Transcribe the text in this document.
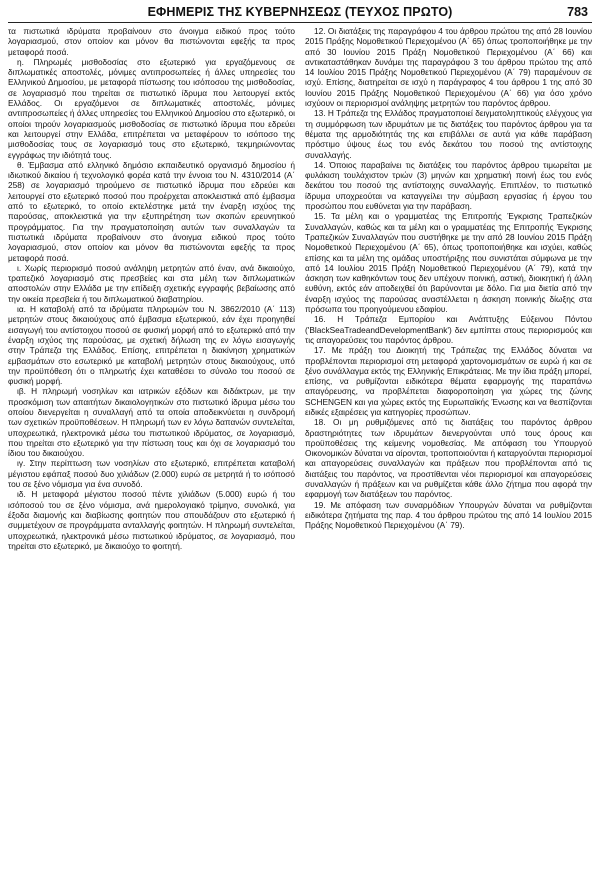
ΕΦΗΜΕΡΙΣ ΤΗΣ ΚΥΒΕΡΝΗΣΕΩΣ (ΤΕΥΧΟΣ ΠΡΩΤΟ)	783

τα πιστωτικά ιδρύματα προβαίνουν στο άνοιγμα ειδικού προς τούτο λογαριασμού, στον οποίον και μόνον θα πιστώνονται εφεξής τα προς μεταφορά ποσά.

η. Πληρωμές μισθοδοσίας στο εξωτερικό για εργαζόμενους σε διπλωματικές αποστολές, μόνιμες αντιπροσωπείες ή άλλες υπηρεσίες του Ελληνικού Δημοσίου, με μεταφορά πίστωσης του ισόποσου της μισθοδοσίας, σε λογαριασμό που τηρείται σε πιστωτικό ίδρυμα που λειτουργεί εκτός Ελλάδος. Οι εργαζόμενοι σε διπλωματικές αποστολές, μόνιμες αντιπροσωπείες ή άλλες υπηρεσίες του Ελληνικού Δημοσίου στο εξωτερικό, οι οποίοι τηρούν λογαριασμούς μισθοδοσίας σε πιστωτικό ίδρυμα που εδρεύει και λειτουργεί στην Ελλάδα, επιτρέπεται να μεταφέρουν το ισόποσο της μισθοδοσίας τους σε λογαριασμό τους στο εξωτερικό, τεκμηριώνοντας εγγράφως την ιδιότητά τους.

θ. Έμβασμα από ελληνικό δημόσιο εκπαιδευτικό οργανισμό δημοσίου ή ιδιωτικού δικαίου ή τεχνολογικό φορέα κατά την έννοια του Ν. 4310/2014 (Α΄ 258) σε λογαριασμό τηρούμενο σε πιστωτικό ίδρυμα που εδρεύει και λειτουργεί στο εξωτερικό ποσού που προέρχεται αποκλειστικά από έμβασμα από το εξωτερικό, το οποίο εκτελέστηκε μετά την έναρξη ισχύος της παρούσας, αποκλειστικά για την εξυπηρέτηση των σκοπών ερευνητικού προγράμματος. Για την πραγματοποίηση αυτών των συναλλαγών τα πιστωτικά ιδρύματα προβαίνουν στο άνοιγμα ειδικού προς τούτο λογαριασμού, στον οποίον και μόνον θα πιστώνονται εφεξής τα προς μεταφορά ποσά.

ι. Χωρίς περιορισμό ποσού ανάληψη μετρητών από έναν, ανά δικαιούχο, τραπεζικό λογαριασμό στις πρεσβείες και στα μέλη των διπλωματικών αποστολών στην Ελλάδα με την επίδειξη σχετικής εγγραφής βεβαίωσης από την οικεία πρεσβεία ή του διπλωματικού διαβατηρίου.

ια. Η καταβολή από τα ιδρύματα πληρωμών του Ν. 3862/2010 (Α΄ 113) μετρητών στους δικαιούχους από έμβασμα εξωτερικού, εάν έχει προηγηθεί εισαγωγή του αντίστοιχου ποσού σε φυσική μορφή από το εξωτερικό από την έναρξη ισχύος της παρούσας, με σχετική δήλωση της εν λόγω εισαγωγής στην Τράπεζα της Ελλάδος. Επίσης, επιτρέπεται η διακίνηση χρηματικών εμβασμάτων στο εσωτερικό με καταβολή μετρητών στους δικαιούχους, υπό την προϋπόθεση ότι ο πληρωτής έχει καταθέσει το σύνολο του ποσού σε φυσική μορφή.

ιβ. Η πληρωμή νοσηλίων και ιατρικών εξόδων και διδάκτρων, με την προσκόμιση των απαιτήτων δικαιολογητικών στο πιστωτικό ίδρυμα μέσω του οποίου διενεργείται η συναλλαγή από τα οποία αποδεικνύεται η συνδρομή των σχετικών προϋποθέσεων. Η πληρωμή των εν λόγω δαπανών συντελείται, υποχρεωτικά, ηλεκτρονικά μέσω του πιστωτικού ιδρύματος, σε λογαριασμό, που τηρείται στο εξωτερικό για την πίστωση τους και όχι σε λογαριασμό του ίδιου του δικαιούχου.

ιγ. Στην περίπτωση των νοσηλίων στο εξωτερικό, επιτρέπεται καταβολή μέγιστου εφάπαξ ποσού δυο χιλιάδων (2.000) ευρώ σε μετρητά ή το ισόποσό του σε ξένο νόμισμα για ένα συνοδό.

ιδ. Η μεταφορά μέγιστου ποσού πέντε χιλιάδων (5.000) ευρώ ή του ισόποσού του σε ξένο νόμισμα, ανά ημερολογιακό τρίμηνο, συνολικά, για έξοδα διαμονής και διαβίωσης φοιτητών που σπουδάζουν στο εξωτερικό ή συμμετέχουν σε προγράμματα ανταλλαγής φοιτητών. Η πληρωμή συντελείται, υποχρεωτικά, ηλεκτρονικά μέσω πιστωτικού ιδρύματος, σε λογαριασμό, που τηρείται στο εξωτερικό, με δικαιούχο το φοιτητή.

12. Οι διατάξεις της παραγράφου 4 του άρθρου πρώτου της από 28 Ιουνίου 2015 Πράξης Νομοθετικού Περιεχομένου (Α΄ 65) όπως τροποποιήθηκε με την από 30 Ιουνίου 2015 Πράξη Νομοθετικού Περιεχομένου (Α΄ 66) και αντικαταστάθηκαν δυνάμει της παραγράφου 3 του άρθρου πρώτου της από 14 Ιουλίου 2015 Πράξης Νομοθετικού Περιεχομένου (Α΄ 79) παραμένουν σε ισχύ. Επίσης, διατηρείται σε ισχύ η παράγραφος 4 του άρθρου 1 της από 30 Ιουνίου 2015 Πράξης Νομοθετικού Περιεχομένου (Α΄ 66) για όσο χρόνο ισχύουν οι περιορισμοί ανάληψης μετρητών του παρόντος άρθρου.

13. Η Τράπεζα της Ελλάδος πραγματοποιεί δειγματοληπτικούς ελέγχους για τη συμμόρφωση των ιδρυμάτων με τις διατάξεις του παρόντος άρθρου για τα θέματα της αρμοδιότητάς της και επιβάλλει σε αυτά για κάθε παράβαση πρόστιμο ύψους έως του ενός δεκάτου του ποσού της αντίστοιχης συναλλαγής.

14. Όποιος παραβαίνει τις διατάξεις του παρόντος άρθρου τιμωρείται με φυλάκιση τουλάχιστον τριών (3) μηνών και χρηματική ποινή έως του ενός δεκάτου του ποσού της αντίστοιχης συναλλαγής. Επιπλέον, το πιστωτικό ίδρυμα υποχρεούται να καταγγείλει την σύμβαση εργασίας ή έργου του προσώπου που ευθύνεται για την παράβαση.

15. Τα μέλη και ο γραμματέας της Επιτροπής Έγκρισης Τραπεζικών Συναλλαγών, καθώς και τα μέλη και ο γραμματέας της Επιτροπής Έγκρισης Τραπεζικών Συναλλαγών που συστήθηκε με την από 28 Ιουνίου 2015 Πράξη Νομοθετικού Περιεχομένου (Α΄ 65), όπως τροποποιήθηκε και ισχύει, καθώς επίσης και τα μέλη της ομάδας υποστήριξης που συνιστάται σύμφωνα με την από 14 Ιουλίου 2015 Πράξη Νομοθετικού Περιεχομένου (Α΄ 79), κατά την άσκηση των καθηκόντων τους δεν υπέχουν ποινική, αστική, διοικητική ή άλλη ευθύνη, εκτός εάν αποδειχθεί ότι βαρύνονται με δόλο. Για μια διετία από την έναρξη ισχύος της παρούσας αναστέλλεται η άσκηση ποινικής δίωξης στα πρόσωπα του προηγούμενου εδαφίου.

16. Η Τράπεζα Εμπορίου και Ανάπτυξης Εύξεινου Πόντου ('BlackSeaTradeandDevelopmentBank') δεν εμπίπτει στους περιορισμούς και τις απαγορεύσεις του παρόντος άρθρου.

17. Με πράξη του Διοικητή της Τράπεζας της Ελλάδος δύναται να προβλέπονται περιορισμοί στη μεταφορά χαρτονομισμάτων σε ευρώ ή και σε ξένο συνάλλαγμα εκτός της Ελληνικής Επικράτειας. Με την ίδια πράξη μπορεί, επίσης, να ρυθμίζονται ειδικότερα θέματα εφαρμογής της παραπάνω απαγόρευσης, να προβλέπεται διαφοροποίηση για χώρες της ζώνης SCHENGEN και για χώρες εκτός της Ευρωπαϊκής Ένωσης και να θεσπίζονται ειδικές εξαιρέσεις για κατηγορίες προσώπων.

18. Οι μη ρυθμιζόμενες από τις διατάξεις του παρόντος άρθρου δραστηριότητες των ιδρυμάτων διενεργούνται υπό τους όρους και προϋποθέσεις της κείμενης νομοθεσίας. Με απόφαση του Υπουργού Οικονομικών δύναται να αίρονται, τροποποιούνται ή καταργούνται περιορισμοί και απαγορεύσεις συναλλαγών και πράξεων που προβλέπονται από τις διατάξεις του παρόντος, να προστίθενται νέοι περιορισμοί και απαγορεύσεις συναλλαγών ή πράξεων και να ρυθμίζεται κάθε άλλο ζήτημα που αφορά την εφαρμογή των διατάξεων του παρόντος.

19. Με απόφαση των συναρμόδιων Υπουργών δύναται να ρυθμίζονται ειδικότερα ζητήματα της παρ. 4 του άρθρου πρώτου της από 14 Ιουλίου 2015 Πράξης Νομοθετικού Περιεχομένου (Α΄ 79).
